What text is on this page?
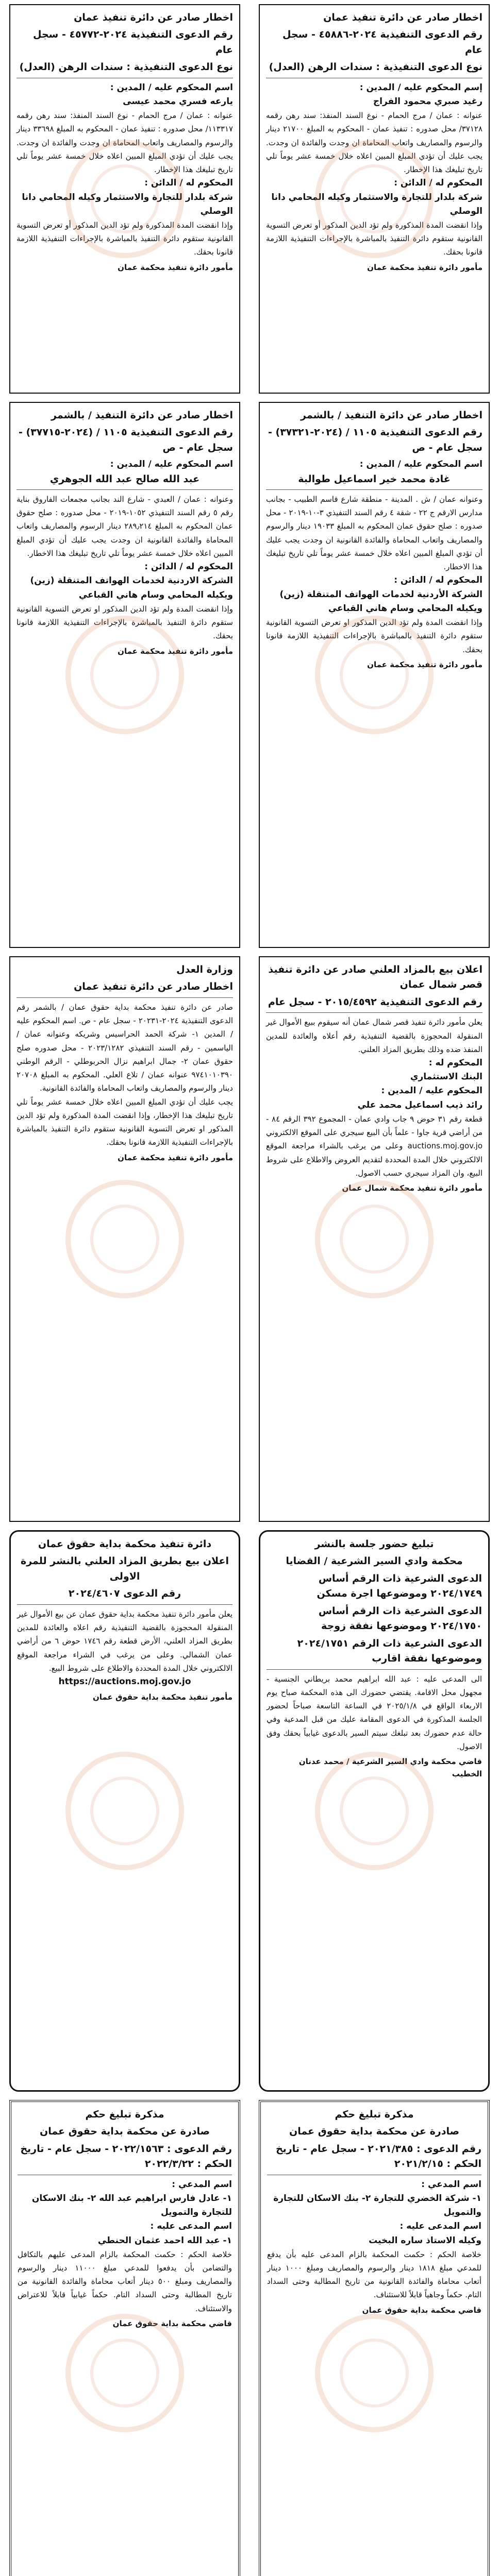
اخطار صادر عن دائرة تنفيذ عمان

رقم الدعوى التنفيذية ٢٠٢٤-٤٥٨٨٦ - سجل عام

نوع الدعوى التنفيذية : سندات الرهن (العدل)

إسم المحكوم عليه / المدين :

رغيد صبري محمود الفراج

عنوانه : عمان / مرج الحمام - نوع السند المنفذ: سند رهن رقمه ٣٧١٢٨/ محل صدوره : تنفيذ عمان - المحكوم به المبلغ ٢١٧٠٠ دينار والرسوم والمصاريف واتعاب المحاماة ان وجدت والفائدة ان وجدت. يجب عليك أن تؤدي المبلغ المبين اعلاه خلال خمسة عشر يوماً تلي تاريخ تبليغك هذا الإخطار.

المحكوم له / الدائن :

شركة بلدار للتجارة والاستثمار وكيله المحامي دانا الوصلي

وإذا انقضت المدة المذكورة ولم تؤد الدين المذكور أو تعرض التسوية القانونية ستقوم دائرة التنفيذ بالمباشرة بالإجراءات التنفيذية اللازمة قانونا بحقك.

مأمور دائرة تنفيذ محكمة عمان

اخطار صادر عن دائرة تنفيذ عمان

رقم الدعوى التنفيذية ٢٠٢٤-٤٥٧٧٢ - سجل عام

نوع الدعوى التنفيذية : سندات الرهن (العدل)

اسم المحكوم عليه / المدين :

يارعه فسري محمد عيسى

عنوانه : عمان / مرج الحمام - نوع السند المنفذ: سند رهن رقمه ١١٣٣١٧/ محل صدوره : تنفيذ عمان - المحكوم به المبلغ ٣٣٦٩٨ دينار والرسوم والمصاريف واتعاب المحاماة ان وجدت والفائدة ان وجدت. يجب عليك أن تؤدي المبلغ المبين اعلاه خلال خمسة عشر يوماً تلي تاريخ تبليغك هذا الإخطار.

المحكوم له / الدائن :

شركة بلدار للتجارة والاستثمار وكيله المحامي دانا الوصلي

وإذا انقضت المدة المذكورة ولم تؤد الدين المذكور أو تعرض التسوية القانونية ستقوم دائرة التنفيذ بالمباشرة بالإجراءات التنفيذية اللازمة قانونا بحقك.

مأمور دائرة تنفيذ محكمة عمان

اخطار صادر عن دائرة التنفيذ / بالشمر

رقم الدعوى التنفيذية ١١٠٥ / (٢٠٢٤-٣٧٣٢١) - سجل عام - ص

اسم المحكوم عليه / المدين :

غادة محمد خير اسماعيل طوالبة

وعنوانه عمان / ش . المدينة - منطقة شارع قاسم الطبيب - بجانب مدارس الارقم ج ٢٢ - شقة ٤ رقم السند التنفيذي ٣-١٠-٢٠١٩ - محل صدوره : صلح حقوق عمان المحكوم به المبلغ ١٩٠٣٣ دينار والرسوم والمصاريف واتعاب المحاماة والفائدة القانونية ان وجدت يجب عليك أن تؤدي المبلغ المبين اعلاه خلال خمسة عشر يوماً تلي تاريخ تبليغك هذا الاخطار.

المحكوم له / الدائن :

الشركة الأردنية لخدمات الهواتف المتنقلة (زين) ويكيله المحامي وسام هاني القباعي

وإذا انقضت المدة ولم تؤد الدين المذكور او تعرض التسوية القانونية ستقوم دائرة التنفيذ بالمباشرة بالإجراءات التنفيذية اللازمة قانونا بحقك.

مأمور دائرة تنفيذ محكمة عمان

اخطار صادر عن دائرة التنفيذ / بالشمر

رقم الدعوى التنفيذية ١١٠٥ / (٢٠٢٤-٣٧٧١٥) - سجل عام - ص

اسم المحكوم عليه / المدين :

عبد الله صالح عبد الله الجوهري

وعنوانه : عمان / العبدي - شارع الند بجانب مجمعات الفاروق بناية رقم ٥ رقم السند التنفيذي ١٠٥٢-٢٠١٩ - محل صدوره : صلح حقوق عمان المحكوم به المبلغ ٢٨٩٫٢١٤ دينار الرسوم والمصاريف واتعاب المحاماة والفائدة القانونية ان وجدت يجب عليك أن تؤدي المبلغ المبين اعلاه خلال خمسة عشر يوماً تلي تاريخ تبليغك هذا الاخطار.

المحكوم له / الدائن :

الشركة الاردنية لخدمات الهواتف المتنقلة (زين) ويكيله المحامي وسام هاني القباعي

وإذا انقضت المدة ولم تؤد الدين المذكور او تعرض التسوية القانونية ستقوم دائرة التنفيذ بالمباشرة بالإجراءات التنفيذية اللازمة قانونا بحقك.

مأمور دائرة تنفيذ محكمة عمان

اعلان بيع بالمزاد العلني صادر عن دائرة تنفيذ قصر شمال عمان

رقم الدعوى التنفيذية ٢٠١٥/٤٥٩٢ - سجل عام

يعلن مأمور دائرة تنفيذ قصر شمال عمان أنه سيقوم ببيع الأموال غير المنقولة المحجوزة بالقضية التنفيذية رقم أعلاه والعائدة للمدين المنفذ ضده وذلك بطريق المزاد العلني.

المحكوم له :

البنك الاستثماري

المحكوم عليه / المدين :

رائد ذيب اسماعيل محمد علي

قطعة رقم ٣١ حوض ٩ جاب وادي عمان - المجموع ٣٩٢ الرقم ٨٤ - من أراضي قرية جاوا - علماً بأن البيع سيجري على الموقع الالكتروني auctions.moj.gov.jo وعلى من يرغب بالشراء مراجعة الموقع الالكتروني خلال المدة المحددة لتقديم العروض والاطلاع على شروط البيع، وان المزاد سيجري حسب الاصول.

مأمور دائرة تنفيذ محكمة شمال عمان

وزارة العدل

اخطار صادر عن دائرة تنفيذ عمان

صادر عن دائرة تنفيذ محكمة بداية حقوق عمان / بالشمر رقم الدعوى التنفيذية ٢٠٢٤-٢٠٢٣١ - سجل عام - ص. اسم المحكوم عليه / المدين ١- شركة الحمد الحراسيس وشريكه وعنوانه عمان / الياسمين - رقم السند التنفيذي ٢٠٢٣/١٢٨٢ - محل صدوره صلح حقوق عمان ٢- جمال ابراهيم نزال الحربوطلي - الرقم الوطني ٩٧٤١٠١٠٣٩٠ عنوانه عمان / تلاع العلي. المحكوم به المبلغ ٢٠٧٠٨ دينار والرسوم والمصاريف واتعاب المحاماة والفائدة القانونية.

يجب عليك أن تؤدي المبلغ المبين اعلاه خلال خمسة عشر يوماً تلي تاريخ تبليغك هذا الإخطار، وإذا انقضت المدة المذكورة ولم تؤد الدين المذكور او تعرض التسوية القانونية ستقوم دائرة التنفيذ بالمباشرة بالإجراءات التنفيذية اللازمة قانونا بحقك.

مأمور دائرة تنفيذ محكمة عمان

تبليغ حضور جلسة بالنشر

محكمة وادي السير الشرعية / القضايا

الدعوى الشرعية ذات الرقم أساس ٢٠٢٤/١٧٤٩ وموضوعها اجرة مسكن

الدعوى الشرعية ذات الرقم أساس ٢٠٢٤/١٧٥٠ وموضوعها نفقة زوجة

الدعوى الشرعية ذات الرقم ٢٠٢٤/١٧٥١ وموضوعها نفقة اقارب

الى المدعى عليه : عبد الله ابراهيم محمد بريطاني الجنسية - مجهول محل الاقامة. يقتضي حضورك الى هذه المحكمة صباح يوم الاربعاء الواقع في ٢٠٢٥/١/٨ في الساعة التاسعة صباحاً لحضور الجلسة المذكورة في الدعوى المقامة عليك من قبل المدعية وفي حالة عدم حضورك بعد تبلغك سيتم السير بالدعوى غيابياً بحقك وفق الاصول.

قاضي محكمة وادي السير الشرعية / محمد عدنان الخطيب

دائرة تنفيذ محكمة بداية حقوق عمان

اعلان بيع بطريق المزاد العلني بالنشر للمرة الاولى

رقم الدعوى ٢٠٢٤/٤٦٠٧

يعلن مأمور دائرة تنفيذ محكمة بداية حقوق عمان عن بيع الأموال غير المنقولة المحجوزة بالقضية التنفيذية رقم اعلاه والعائدة للمدين بطريق المزاد العلني، الأرض قطعة رقم ١٧٤٦ حوض ٦ من أراضي عمان الشمالي. وعلى من يرغب في الشراء مراجعة الموقع الالكتروني خلال المدة المحددة والاطلاع على شروط البيع.

https://auctions.moj.gov.jo

مأمور تنفيذ محكمة بداية حقوق عمان

مذكرة تبليغ حكم

صادرة عن محكمة بداية حقوق عمان

رقم الدعوى : ٢٠٢١/٣٨٥ - سجل عام - تاريخ الحكم : ٢٠٢١/٢/١٥

اسم المدعي :

١- شركة الخضري للتجارة ٢- بنك الاسكان للتجارة والتمويل

اسم المدعى عليه :

وكيله الاستاذ ساره البخيت

خلاصة الحكم : حكمت المحكمة بالزام المدعى عليه بأن يدفع للمدعي مبلغ ١٨١٨ دينار والرسوم والمصاريف ومبلغ ١٠٠٠ دينار أتعاب محاماة والفائدة القانونية من تاريخ المطالبة وحتى السداد التام. حكماً وجاهياً قابلاً للاستئناف.

قاضي محكمة بداية حقوق عمان

مذكرة تبليغ حكم

صادرة عن محكمة بداية حقوق عمان

رقم الدعوى : ٢٠٢٢/١٥٦٣ - سجل عام - تاريخ الحكم : ٢٠٢٢/٣/٢٢

اسم المدعي :

١- عادل فارس ابراهيم عبد الله ٢- بنك الاسكان للتجارة والتمويل

اسم المدعى عليه :

١- عبد الله احمد عثمان الحنطي

خلاصة الحكم : حكمت المحكمة بالزام المدعى عليهم بالتكافل والتضامن بأن يدفعوا للمدعي مبلغ ١١٠٠٠ دينار والرسوم والمصاريف ومبلغ ٥٠٠ دينار أتعاب محاماة والفائدة القانونية من تاريخ المطالبة وحتى السداد التام. حكماً غيابياً قابلاً للاعتراض والاستئناف.

قاضي محكمة بداية حقوق عمان
